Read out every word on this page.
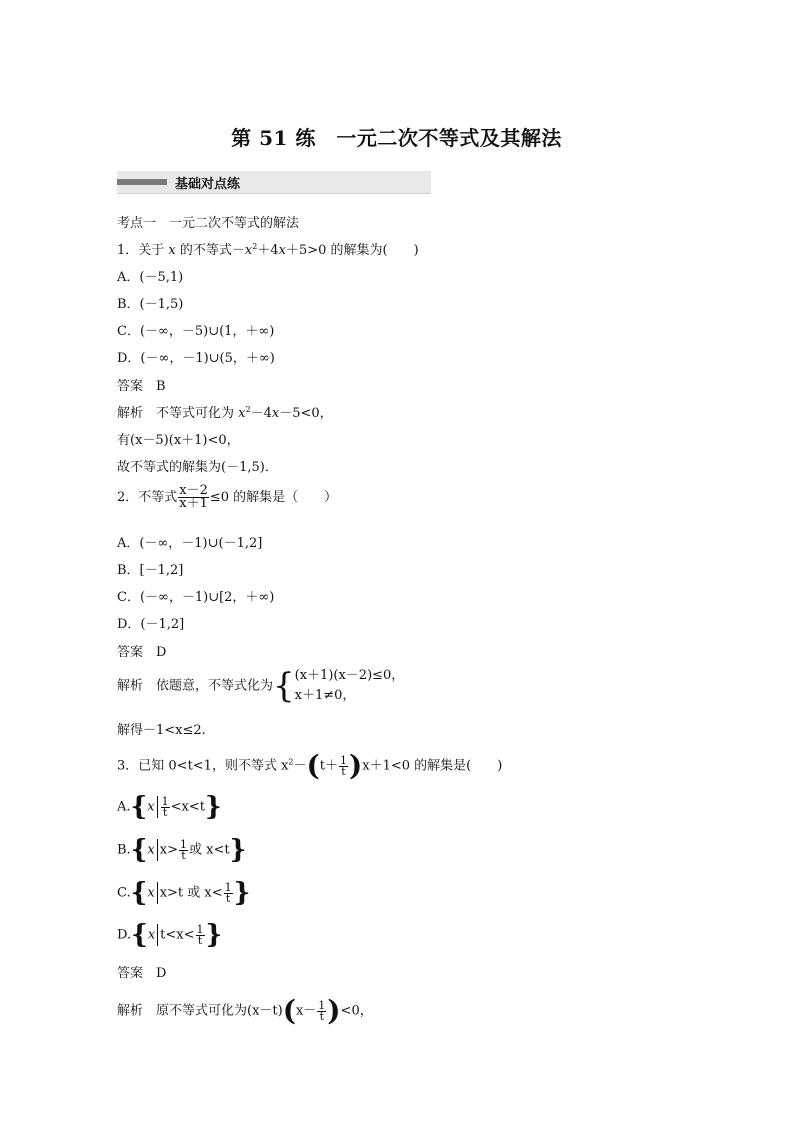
第 51 练　一元二次不等式及其解法
基础对点练
考点一　一元二次不等式的解法
1．关于 x 的不等式$-x^2+4x+5>0$ 的解集为(　　)
A．(－5,1)
B．(－1,5)
C．(－∞，－5)∪(1，＋∞)
D．(－∞，－1)∪(5，＋∞)
答案　B
解析　不等式可化为 $x^2-4x-5<0$，
有(x－5)(x＋1)<0，
故不等式的解集为(－1,5)．
2．不等式 $\frac{x-2}{x+1} \le 0$ 的解集是（　　）
A．(－∞，－1)∪(－1,2]
B．[－1,2]
C．(－∞，－1)∪[2，＋∞)
D．(－1,2]
答案　D
解析　依题意，不等式化为{ (x＋1)(x－2)≤0，
x＋1≠0，
解得－1<x≤2.
3．已知 0<t<1，则不等式 $x^2-(t+ \frac{1}{t} )x+1<0$ 的解集是(　　)
$A.\{x \frac{1}{t} <x<t\}$
B.{x $x> \frac{1}{t}$ 或 x<t}
C.{x x>t 或 $x< \frac{1}{t}$ }
D.{x $t<x< \frac{1}{t}$ }
答案　D
解析　原不等式可化为$(x-t)(x- \frac{1}{t} )<0$，
